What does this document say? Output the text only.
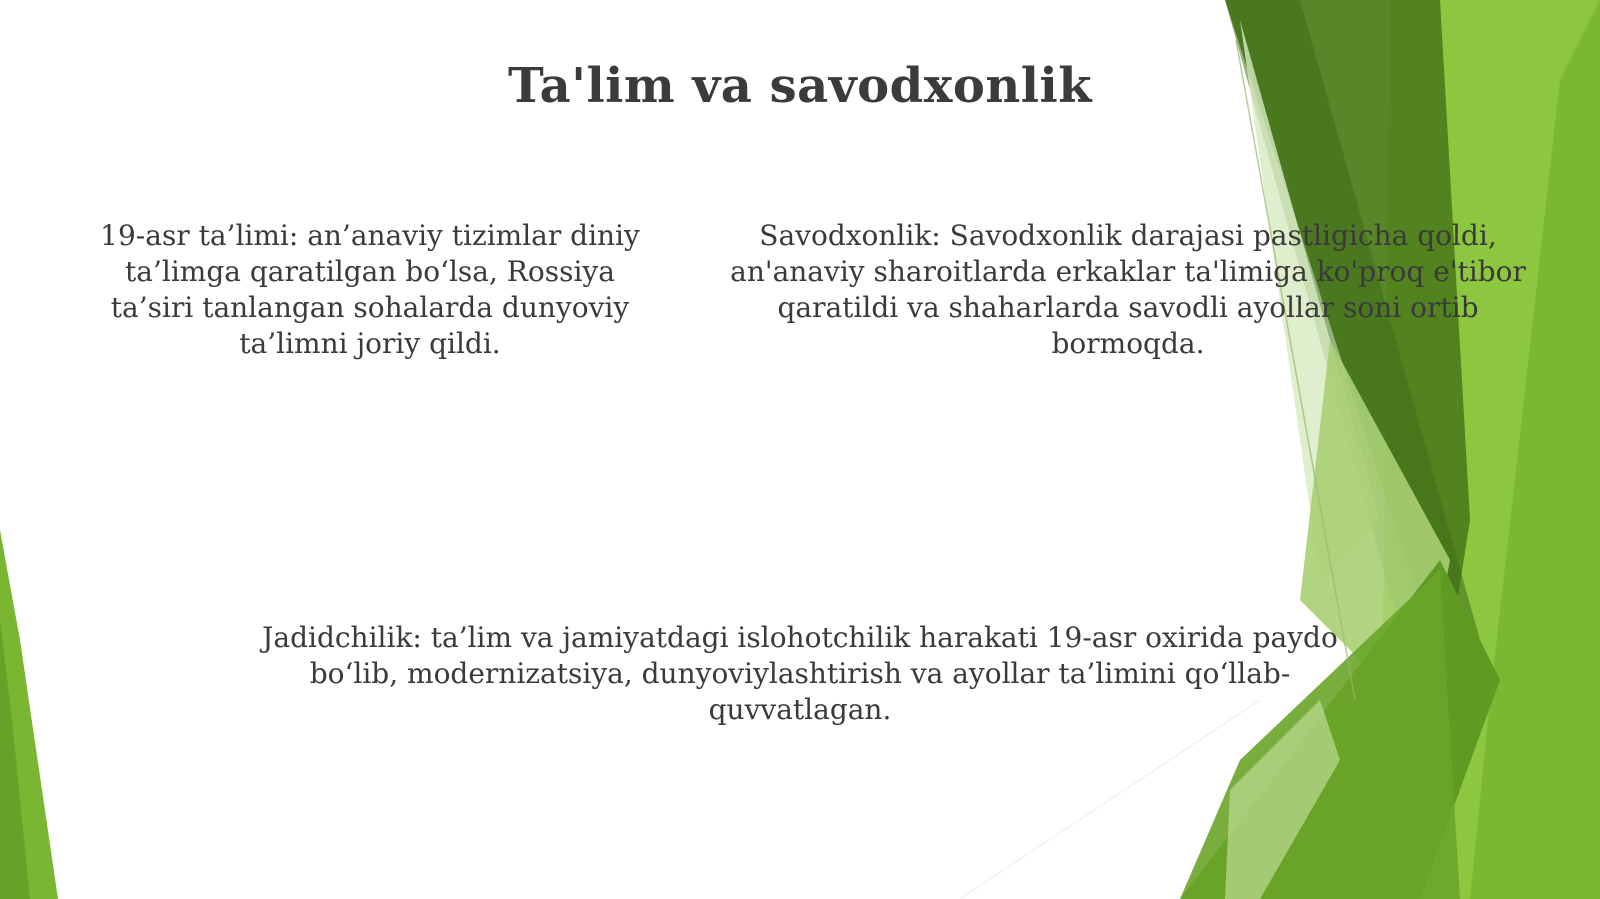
Ta'lim va savodxonlik

19-asr ta’limi: an’anaviy tizimlar diniy ta’limga qaratilgan bo‘lsa, Rossiya ta’siri tanlangan sohalarda dunyoviy ta’limni joriy qildi.

Savodxonlik: Savodxonlik darajasi pastligicha qoldi, an'anaviy sharoitlarda erkaklar ta'limiga ko'proq e'tibor qaratildi va shaharlarda savodli ayollar soni ortib bormoqda.

Jadidchilik: ta’lim va jamiyatdagi islohotchilik harakati 19-asr oxirida paydo bo‘lib, modernizatsiya, dunyoviylashtirish va ayollar ta’limini qo‘llab-quvvatlagan.
